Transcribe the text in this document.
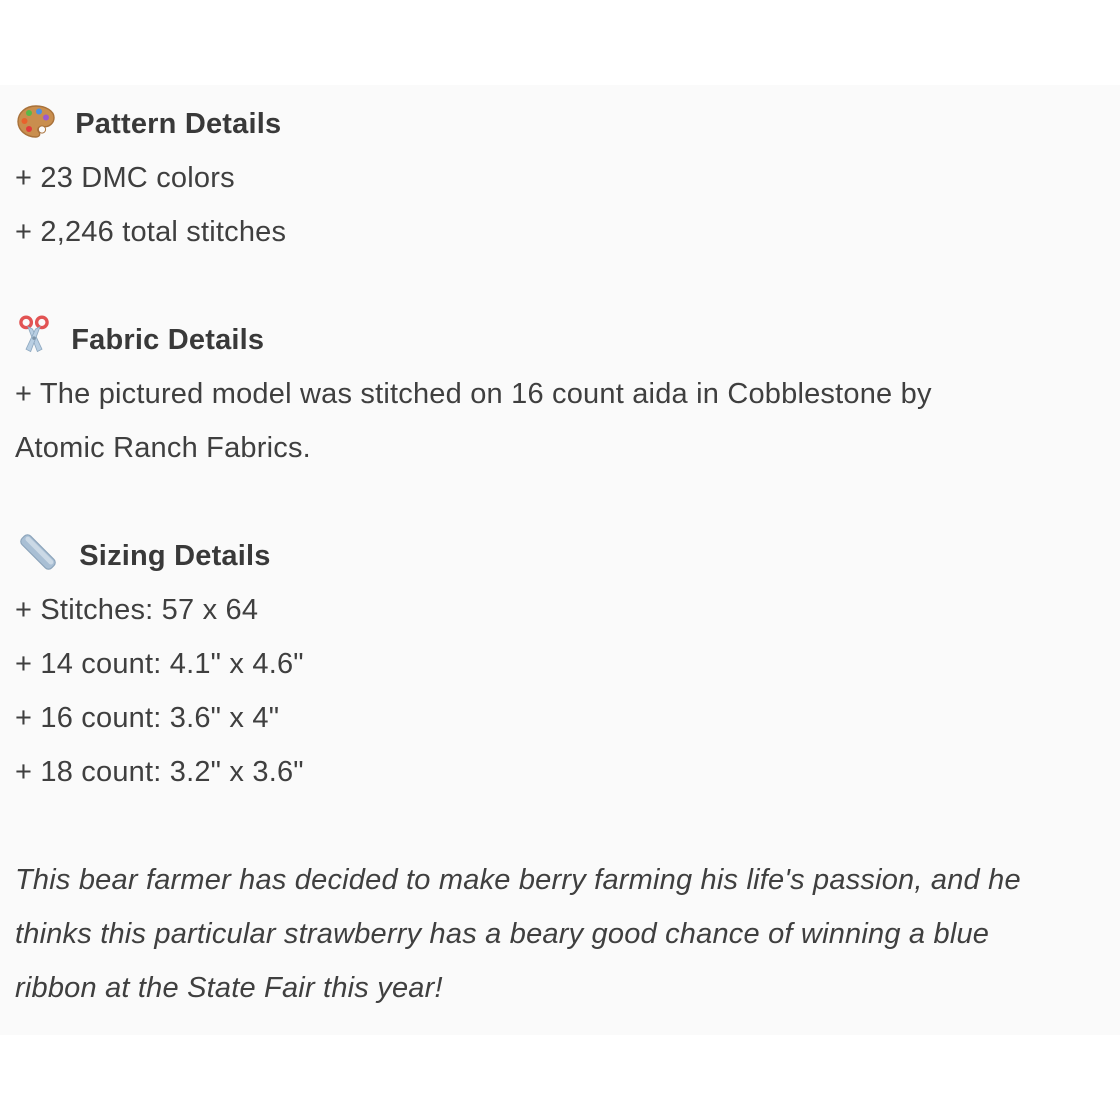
Pattern Details

+ 23 DMC colors

+ 2,246 total stitches

Fabric Details

+ The pictured model was stitched on 16 count aida in Cobblestone by

Atomic Ranch Fabrics.

Sizing Details

+ Stitches: 57 x 64

+ 14 count: 4.1" x 4.6"

+ 16 count: 3.6" x 4"

+ 18 count: 3.2" x 3.6"

This bear farmer has decided to make berry farming his life's passion, and he

thinks this particular strawberry has a beary good chance of winning a blue

ribbon at the State Fair this year!
